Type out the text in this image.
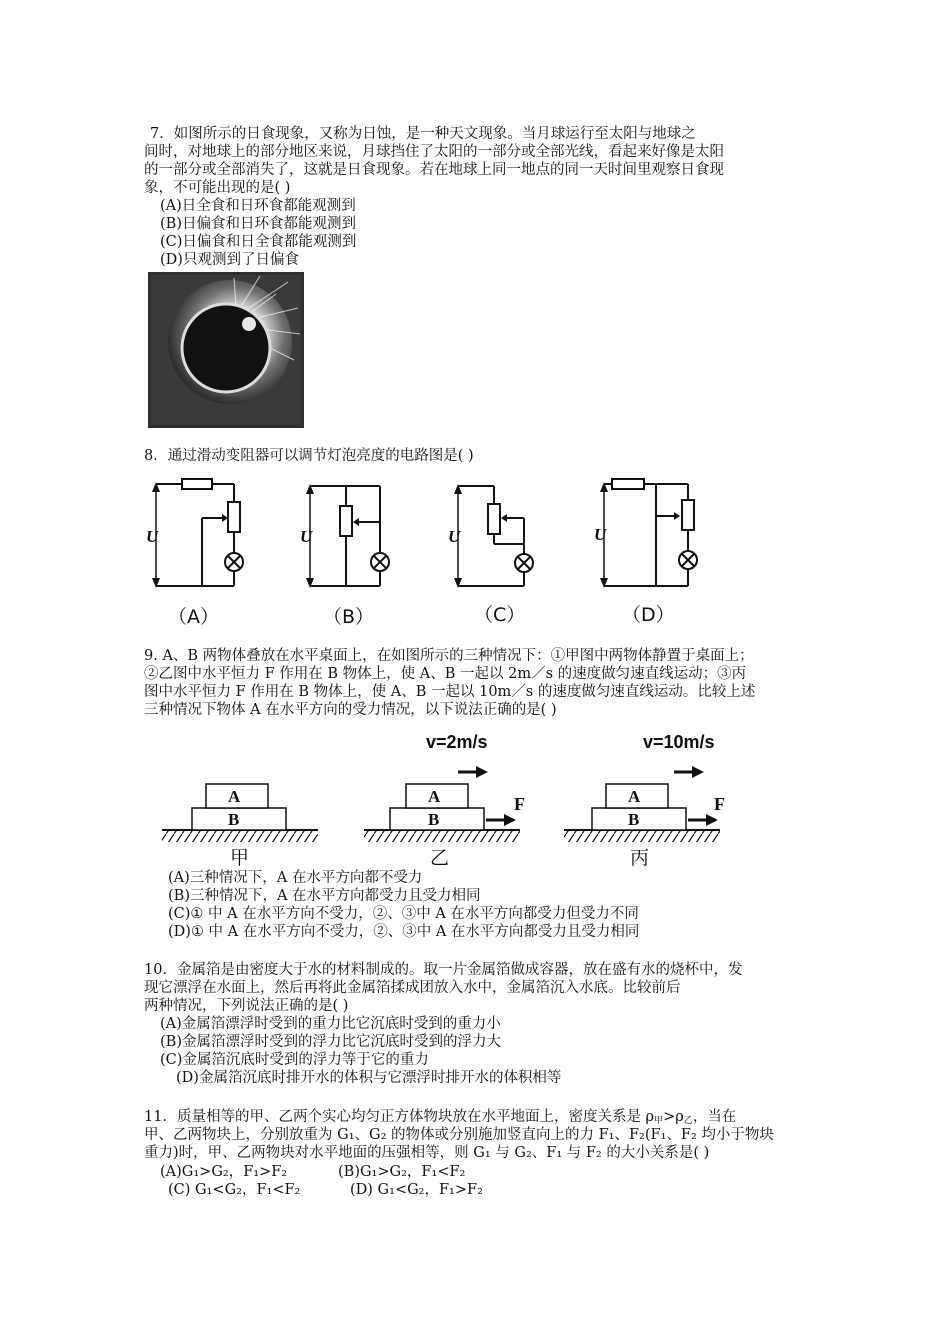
7．如图所示的日食现象，又称为日蚀，是一种天文现象。当月球运行至太阳与地球之
间时，对地球上的部分地区来说，月球挡住了太阳的一部分或全部光线，看起来好像是太阳
的一部分或全部消失了，这就是日食现象。若在地球上同一地点的同一天时间里观察日食现
象，不可能出现的是( )
(A)日全食和日环食都能观测到
(B)日偏食和日环食都能观测到
(C)日偏食和日全食都能观测到
(D)只观测到了日偏食
8．通过滑动变阻器可以调节灯泡亮度的电路图是( )
U
（A）
U
（B）
U
（C）
U
（D）
9. A、B 两物体叠放在水平桌面上，在如图所示的三种情况下：①甲图中两物体静置于桌面上；
②乙图中水平恒力 F 作用在 B 物体上，使 A、B 一起以 2m／s 的速度做匀速直线运动；③丙
图中水平恒力 F 作用在 B 物体上，使 A、B 一起以 10m／s 的速度做匀速直线运动。比较上述
三种情况下物体 A 在水平方向的受力情况，以下说法正确的是( )
v=2m/s	v=10m/s
A
B
甲
A
B
F
乙
A
B
F
丙
(A)三种情况下，A 在水平方向都不受力
(B)三种情况下，A 在水平方向都受力且受力相同
(C)① 中 A 在水平方向不受力，②、③中 A 在水平方向都受力但受力不同
(D)① 中 A 在水平方向不受力，②、③中 A 在水平方向都受力且受力相同
10．金属箔是由密度大于水的材料制成的。取一片金属箔做成容器，放在盛有水的烧杯中，发
现它漂浮在水面上，然后再将此金属箔揉成团放入水中，金属箔沉入水底。比较前后
两种情况，下列说法正确的是( )
(A)金属箔漂浮时受到的重力比它沉底时受到的重力小
(B)金属箔漂浮时受到的浮力比它沉底时受到的浮力大
(C)金属箔沉底时受到的浮力等于它的重力
(D)金属箔沉底时排开水的体积与它漂浮时排开水的体积相等
11．质量相等的甲、乙两个实心均匀正方体物块放在水平地面上，密度关系是 $\rho_甲>\rho_乙$，当在
甲、乙两物块上，分别放重为 G₁、G₂ 的物体或分别施加竖直向上的力 F₁、F₂(F₁、F₂ 均小于物块
重力)时，甲、乙两物块对水平地面的压强相等，则 G₁ 与 G₂、F₁ 与 F₂ 的大小关系是( )
(A)G₁>G₂，F₁>F₂	(B)G₁>G₂，F₁<F₂
(C) G₁<G₂，F₁<F₂	(D) G₁<G₂，F₁>F₂
